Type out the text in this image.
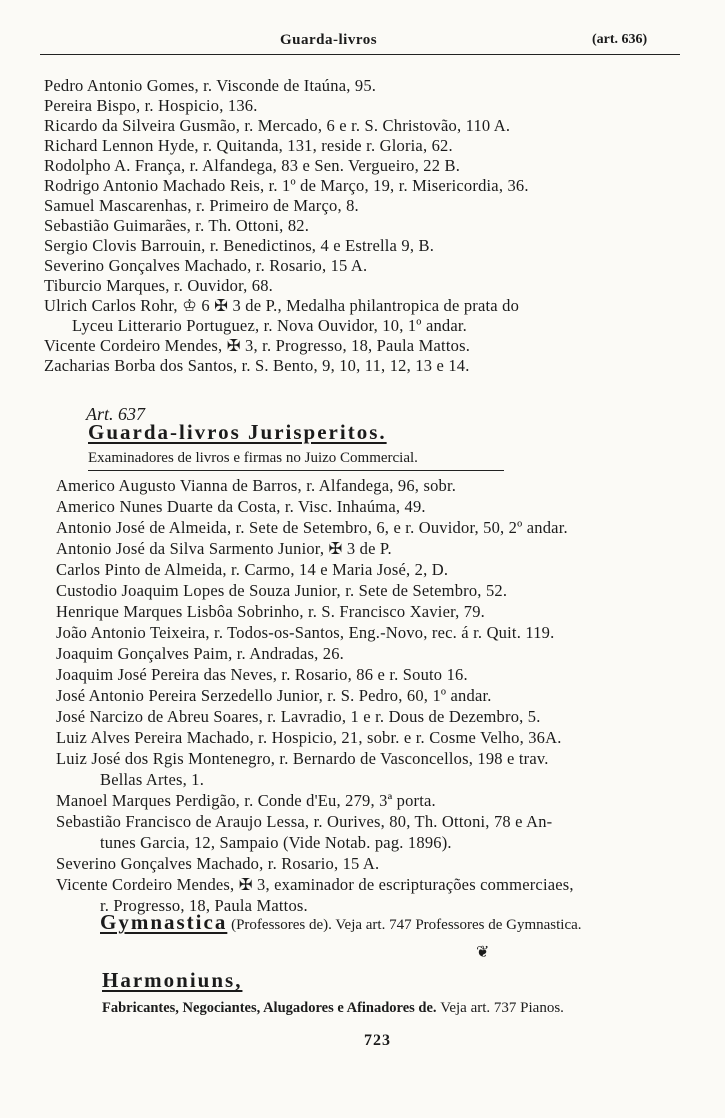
Guarda-livros	(art. 636)
Pedro Antonio Gomes, r. Visconde de Itaúna, 95.
Pereira Bispo, r. Hospicio, 136.
Ricardo da Silveira Gusmão, r. Mercado, 6 e r. S. Christovão, 110 A.
Richard Lennon Hyde, r. Quitanda, 131, reside r. Gloria, 62.
Rodolpho A. França, r. Alfandega, 83 e Sen. Vergueiro, 22 B.
Rodrigo Antonio Machado Reis, r. 1º de Março, 19, r. Misericordia, 36.
Samuel Mascarenhas, r. Primeiro de Março, 8.
Sebastião Guimarães, r. Th. Ottoni, 82.
Sergio Clovis Barrouin, r. Benedictinos, 4 e Estrella 9, B.
Severino Gonçalves Machado, r. Rosario, 15 A.
Tiburcio Marques, r. Ouvidor, 68.
Ulrich Carlos Rohr, ♔ 6 ✠ 3 de P., Medalha philantropica de prata do
Lyceu Litterario Portuguez, r. Nova Ouvidor, 10, 1º andar.
Vicente Cordeiro Mendes, ✠ 3, r. Progresso, 18, Paula Mattos.
Zacharias Borba dos Santos, r. S. Bento, 9, 10, 11, 12, 13 e 14.
Art. 637
Guarda-livros Jurisperitos.
Examinadores de livros e firmas no Juizo Commercial.
Americo Augusto Vianna de Barros, r. Alfandega, 96, sobr.
Americo Nunes Duarte da Costa, r. Visc. Inhaúma, 49.
Antonio José de Almeida, r. Sete de Setembro, 6, e r. Ouvidor, 50, 2º andar.
Antonio José da Silva Sarmento Junior, ✠ 3 de P.
Carlos Pinto de Almeida, r. Carmo, 14 e Maria José, 2, D.
Custodio Joaquim Lopes de Souza Junior, r. Sete de Setembro, 52.
Henrique Marques Lisbôa Sobrinho, r. S. Francisco Xavier, 79.
João Antonio Teixeira, r. Todos-os-Santos, Eng.-Novo, rec. á r. Quit. 119.
Joaquim Gonçalves Paim, r. Andradas, 26.
Joaquim José Pereira das Neves, r. Rosario, 86 e r. Souto 16.
José Antonio Pereira Serzedello Junior, r. S. Pedro, 60, 1º andar.
José Narcizo de Abreu Soares, r. Lavradio, 1 e r. Dous de Dezembro, 5.
Luiz Alves Pereira Machado, r. Hospicio, 21, sobr. e r. Cosme Velho, 36A.
Luiz José dos Rgis Montenegro, r. Bernardo de Vasconcellos, 198 e trav.
Bellas Artes, 1.
Manoel Marques Perdigão, r. Conde d'Eu, 279, 3ª porta.
Sebastião Francisco de Araujo Lessa, r. Ourives, 80, Th. Ottoni, 78 e An-
tunes Garcia, 12, Sampaio (Vide Notab. pag. 1896).
Severino Gonçalves Machado, r. Rosario, 15 A.
Vicente Cordeiro Mendes, ✠ 3, examinador de escripturações commerciaes,
r. Progresso, 18, Paula Mattos.
Gymnastica (Professores de). Veja art. 747 Professores de Gymnastica.
❦
Harmoniuns,
Fabricantes, Negociantes, Alugadores e Afinadores de. Veja art. 737 Pianos.
723
